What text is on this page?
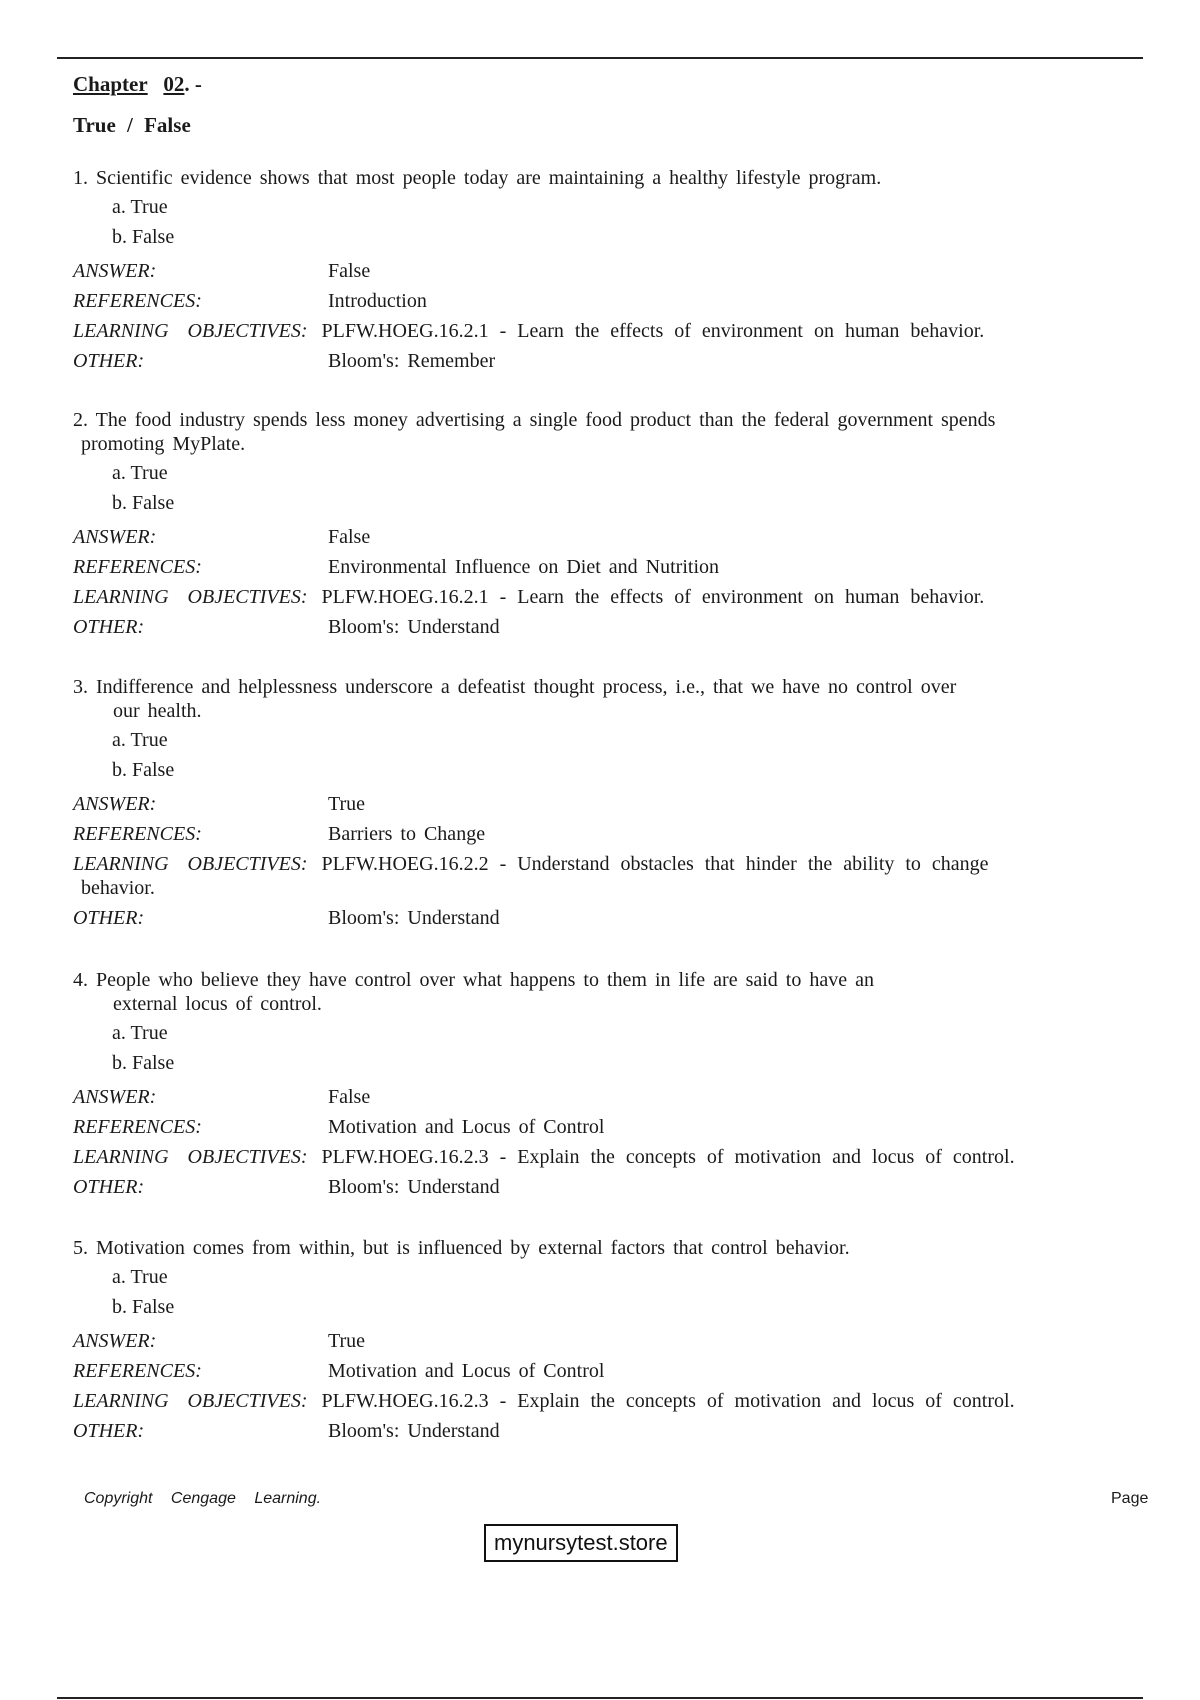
Chapter 02. -
True / False

1. Scientific evidence shows that most people today are maintaining a healthy lifestyle program.

a. True
b. False
ANSWER:	False
REFERENCES:	Introduction
LEARNING OBJECTIVES: PLFW.HOEG.16.2.1 - Learn the effects of environment on human behavior.
OTHER:	Bloom's: Remember

2. The food industry spends less money advertising a single food product than the federal government spends
promoting MyPlate.

a. True
b. False
ANSWER:	False
REFERENCES:	Environmental Influence on Diet and Nutrition
LEARNING OBJECTIVES: PLFW.HOEG.16.2.1 - Learn the effects of environment on human behavior.
OTHER:	Bloom's: Understand

3. Indifference and helplessness underscore a defeatist thought process, i.e., that we have no control over
our health.

a. True
b. False
ANSWER:	True
REFERENCES:	Barriers to Change
LEARNING OBJECTIVES: PLFW.HOEG.16.2.2 - Understand obstacles that hinder the ability to change
behavior.
OTHER:	Bloom's: Understand

4. People who believe they have control over what happens to them in life are said to have an
external locus of control.

a. True
b. False
ANSWER:	False
REFERENCES:	Motivation and Locus of Control
LEARNING OBJECTIVES: PLFW.HOEG.16.2.3 - Explain the concepts of motivation and locus of control.
OTHER:	Bloom's: Understand

5. Motivation comes from within, but is influenced by external factors that control behavior.

a. True
b. False
ANSWER:	True
REFERENCES:	Motivation and Locus of Control
LEARNING OBJECTIVES: PLFW.HOEG.16.2.3 - Explain the concepts of motivation and locus of control.
OTHER:	Bloom's: Understand
Copyright Cengage Learning.	Page
mynursytest.store
